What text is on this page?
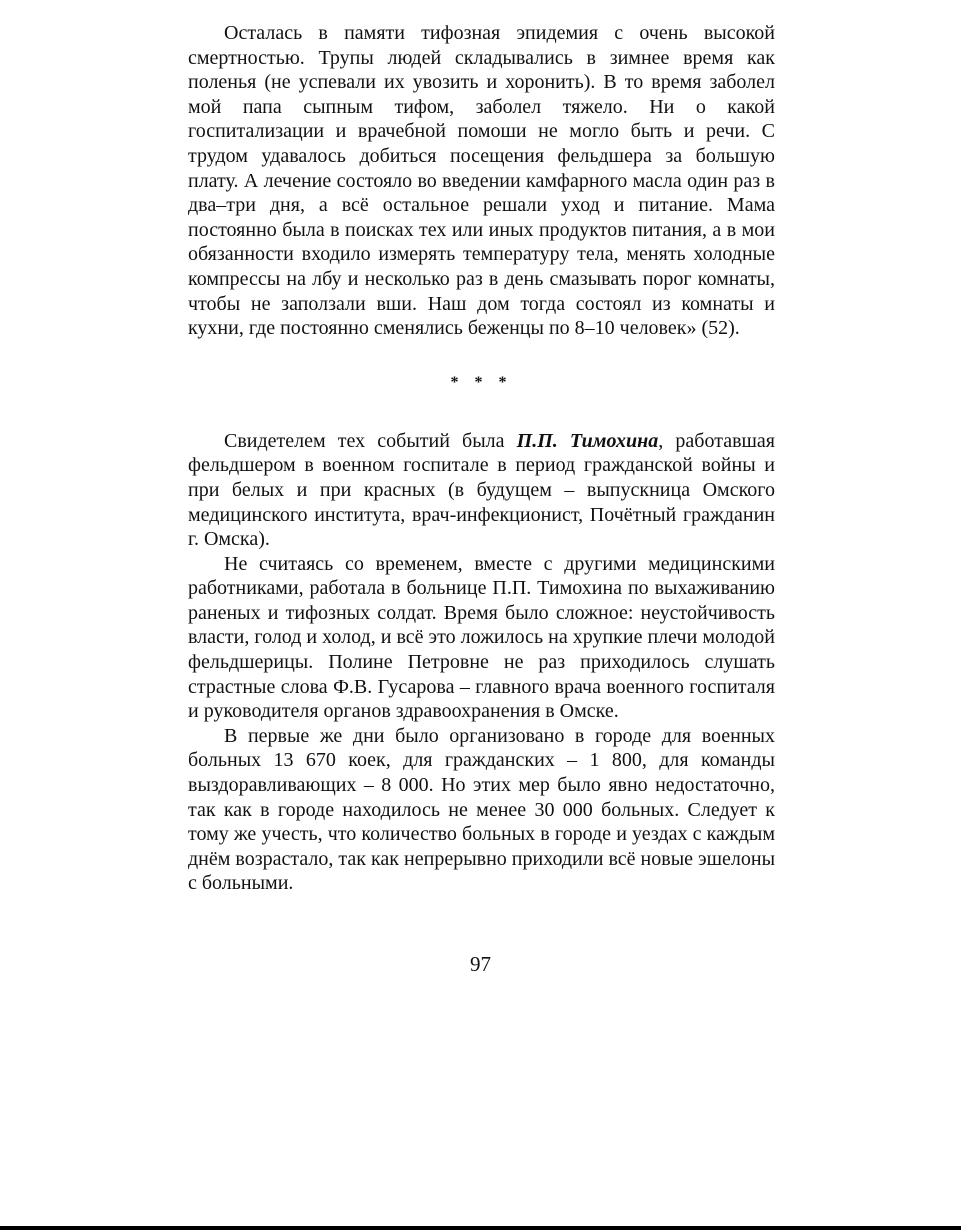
Осталась в памяти тифозная эпидемия с очень высокой смертностью. Трупы людей складывались в зимнее время как поленья (не успевали их увозить и хоронить). В то время заболел мой папа сыпным тифом, заболел тяжело. Ни о какой госпитализации и врачебной помоши не могло быть и речи. С трудом удавалось добиться посещения фельдшера за большую плату. А лечение состояло во введении камфарного масла один раз в два–три дня, а всё остальное решали уход и питание. Мама постоянно была в поисках тех или иных продуктов питания, а в мои обязанности входило измерять температуру тела, менять холодные компрессы на лбу и несколько раз в день смазывать порог комнаты, чтобы не заползали вши. Наш дом тогда состоял из комнаты и кухни, где постоянно сменялись беженцы по 8–10 человек» (52).

* * *

Свидетелем тех событий была П.П. Тимохина, работавшая фельдшером в военном госпитале в период гражданской войны и при белых и при красных (в будущем – выпускница Омского медицинского института, врач-инфекционист, Почётный гражданин г. Омска).

Не считаясь со временем, вместе с другими медицинскими работниками, работала в больнице П.П. Тимохина по выхаживанию раненых и тифозных солдат. Время было сложное: неустойчивость власти, голод и холод, и всё это ложилось на хрупкие плечи молодой фельдшерицы. Полине Петровне не раз приходилось слушать страстные слова Ф.В. Гусарова – главного врача военного госпиталя и руководителя органов здравоохранения в Омске.

В первые же дни было организовано в городе для военных больных 13 670 коек, для гражданских – 1 800, для команды выздоравливающих – 8 000. Но этих мер было явно недостаточно, так как в городе находилось не менее 30 000 больных. Следует к тому же учесть, что количество больных в городе и уездах с каждым днём возрастало, так как непрерывно приходили всё новые эшелоны с больными.

97
